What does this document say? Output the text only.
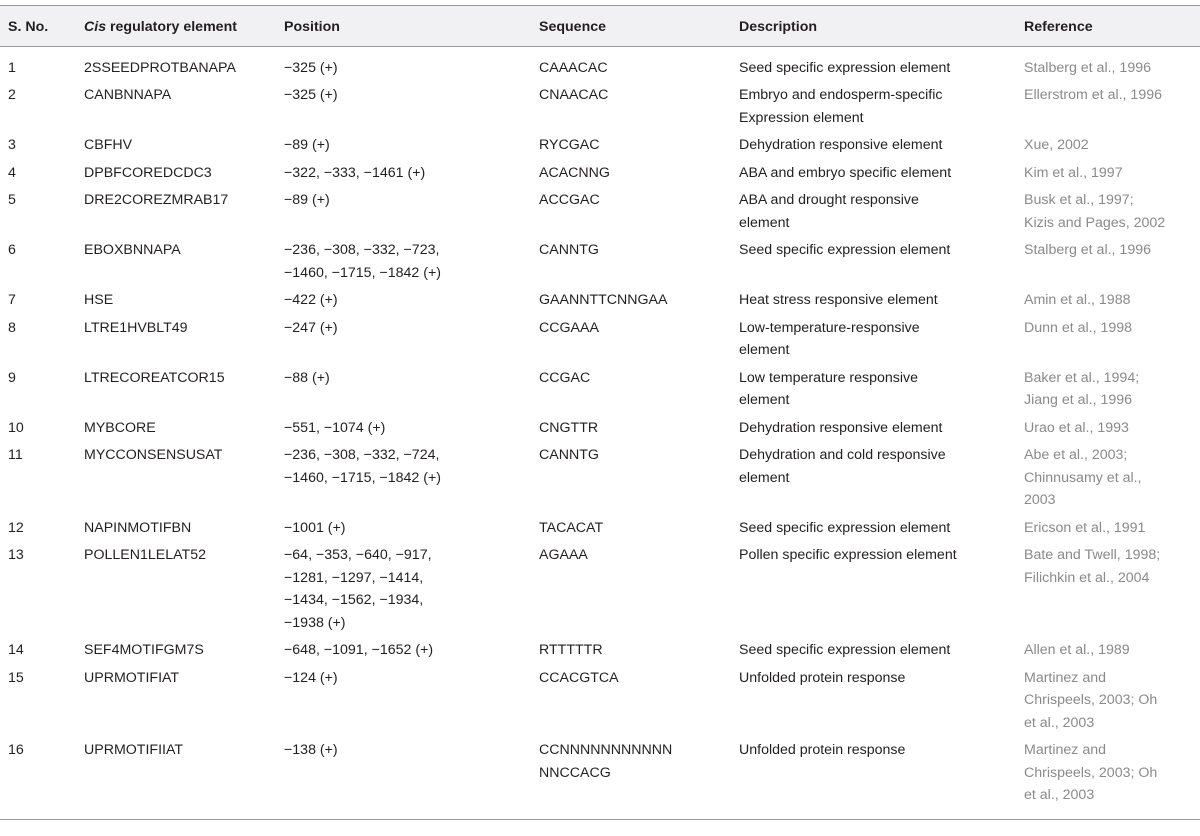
S. No.	Cis regulatory element	Position	Sequence	Description	Reference
1	2SSEEDPROTBANAPA	−325 (+)	CAAACAC	Seed specific expression element	Stalberg et al., 1996
2	CANBNNAPA	−325 (+)	CNAACAC	Embryo and endosperm-specific
Expression element	Ellerstrom et al., 1996
3	CBFHV	−89 (+)	RYCGAC	Dehydration responsive element	Xue, 2002
4	DPBFCOREDCDC3	−322, −333, −1461 (+)	ACACNNG	ABA and embryo specific element	Kim et al., 1997
5	DRE2COREZMRAB17	−89 (+)	ACCGAC	ABA and drought responsive
element	Busk et al., 1997;
Kizis and Pages, 2002
6	EBOXBNNAPA	−236, −308, −332, −723,
−1460, −1715, −1842 (+)	CANNTG	Seed specific expression element	Stalberg et al., 1996
7	HSE	−422 (+)	GAANNTTCNNGAA	Heat stress responsive element	Amin et al., 1988
8	LTRE1HVBLT49	−247 (+)	CCGAAA	Low-temperature-responsive
element	Dunn et al., 1998
9	LTRECOREATCOR15	−88 (+)	CCGAC	Low temperature responsive
element	Baker et al., 1994;
Jiang et al., 1996
10	MYBCORE	−551, −1074 (+)	CNGTTR	Dehydration responsive element	Urao et al., 1993
11	MYCCONSENSUSAT	−236, −308, −332, −724,
−1460, −1715, −1842 (+)	CANNTG	Dehydration and cold responsive
element	Abe et al., 2003;
Chinnusamy et al.,
2003
12	NAPINMOTIFBN	−1001 (+)	TACACAT	Seed specific expression element	Ericson et al., 1991
13	POLLEN1LELAT52	−64, −353, −640, −917,
−1281, −1297, −1414,
−1434, −1562, −1934,
−1938 (+)	AGAAA	Pollen specific expression element	Bate and Twell, 1998;
Filichkin et al., 2004
14	SEF4MOTIFGM7S	−648, −1091, −1652 (+)	RTTTTTR	Seed specific expression element	Allen et al., 1989
15	UPRMOTIFIAT	−124 (+)	CCACGTCA	Unfolded protein response	Martinez and
Chrispeels, 2003; Oh
et al., 2003
16	UPRMOTIFIIAT	−138 (+)	CCNNNNNNNNNNN
NNCCACG	Unfolded protein response	Martinez and
Chrispeels, 2003; Oh
et al., 2003
